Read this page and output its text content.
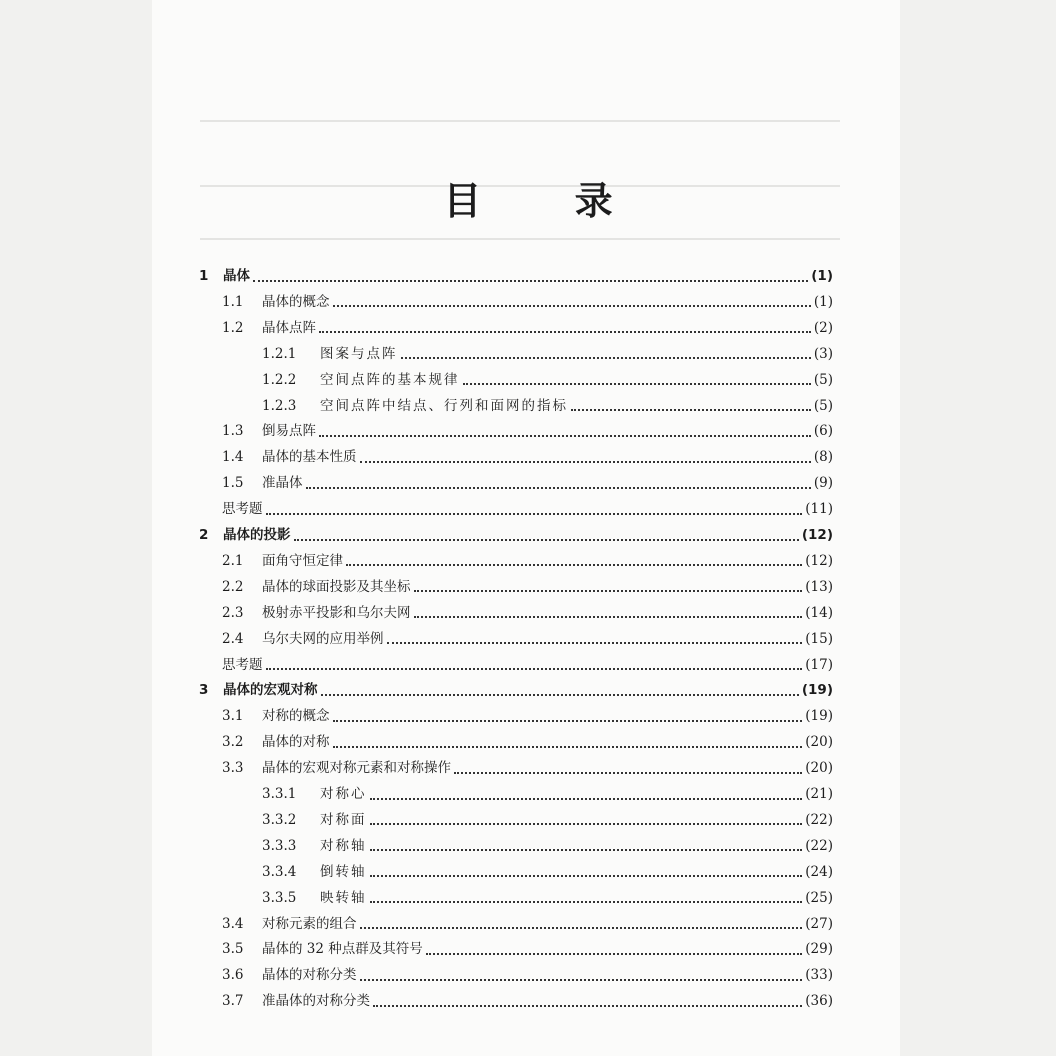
目 录
1	晶体	(1)
1.1	晶体的概念	(1)
1.2	晶体点阵	(2)
1.2.1	图案与点阵	(3)
1.2.2	空间点阵的基本规律	(5)
1.2.3	空间点阵中结点、行列和面网的指标	(5)
1.3	倒易点阵	(6)
1.4	晶体的基本性质	(8)
1.5	准晶体	(9)
思考题	(11)
2	晶体的投影	(12)
2.1	面角守恒定律	(12)
2.2	晶体的球面投影及其坐标	(13)
2.3	极射赤平投影和乌尔夫网	(14)
2.4	乌尔夫网的应用举例	(15)
思考题	(17)
3	晶体的宏观对称	(19)
3.1	对称的概念	(19)
3.2	晶体的对称	(20)
3.3	晶体的宏观对称元素和对称操作	(20)
3.3.1	对称心	(21)
3.3.2	对称面	(22)
3.3.3	对称轴	(22)
3.3.4	倒转轴	(24)
3.3.5	映转轴	(25)
3.4	对称元素的组合	(27)
3.5	晶体的 32 种点群及其符号	(29)
3.6	晶体的对称分类	(33)
3.7	准晶体的对称分类	(36)
